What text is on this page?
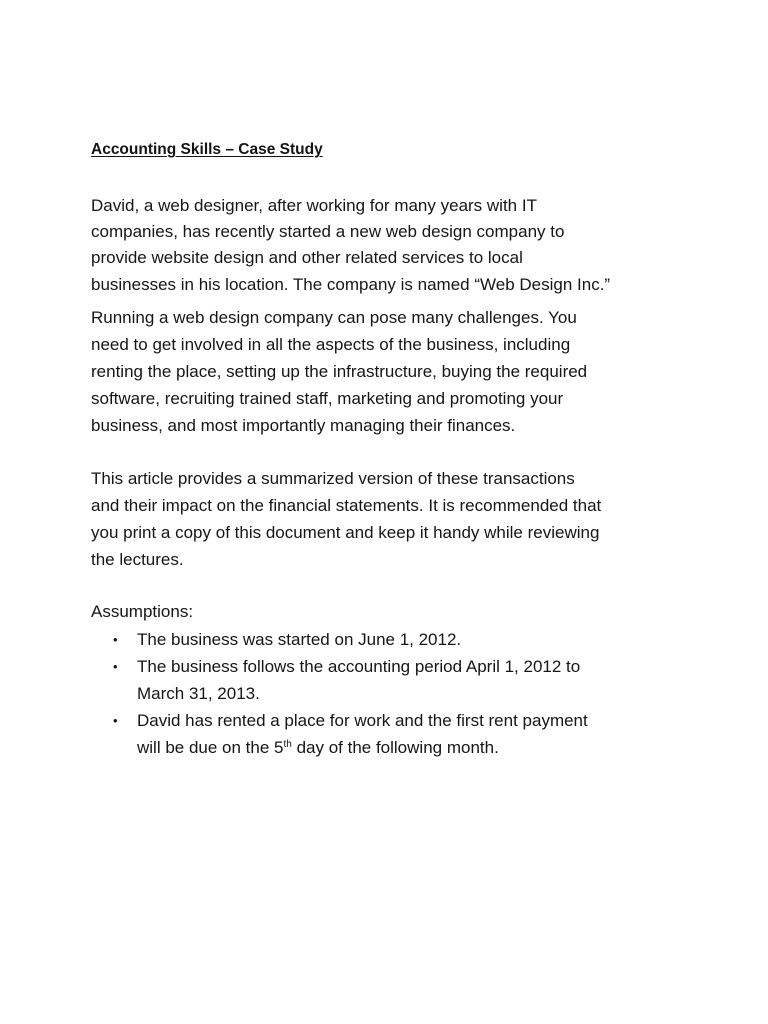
Accounting Skills – Case Study
David, a web designer, after working for many years with IT
companies, has recently started a new web design company to
provide website design and other related services to local
businesses in his location. The company is named “Web Design Inc.”
Running a web design company can pose many challenges. You
need to get involved in all the aspects of the business, including
renting the place, setting up the infrastructure, buying the required
software, recruiting trained staff, marketing and promoting your
business, and most importantly managing their finances.
This article provides a summarized version of these transactions
and their impact on the financial statements. It is recommended that
you print a copy of this document and keep it handy while reviewing
the lectures.
Assumptions:
• The business was started on June 1, 2012.
• The business follows the accounting period April 1, 2012 to
March 31, 2013.
• David has rented a place for work and the first rent payment
will be due on the 5th day of the following month.
